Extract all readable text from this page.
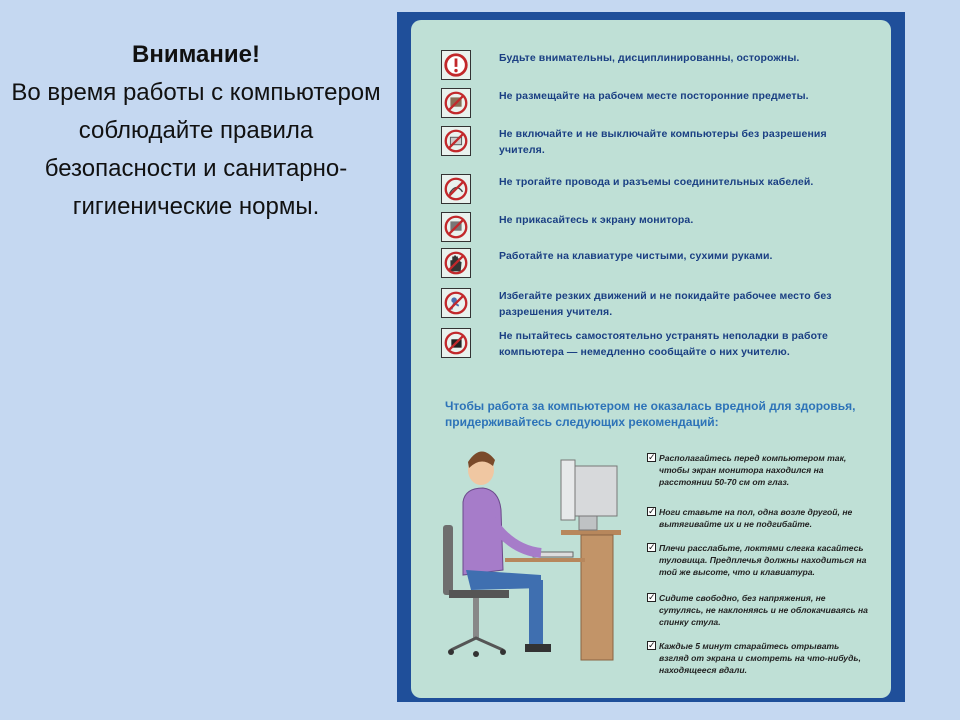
Внимание!
Во время работы с компьютером соблюдайте правила безопасности и санитарно-гигиенические нормы.
Будьте внимательны, дисциплинированны, осторожны.
Не размещайте на рабочем месте посторонние предметы.
Не включайте и не выключайте компьютеры без разрешения учителя.
Не трогайте провода и разъемы соединительных кабелей.
Не прикасайтесь к экрану монитора.
Работайте на клавиатуре чистыми, сухими руками.
Избегайте резких движений и не покидайте рабочее место без разрешения учителя.
Не пытайтесь самостоятельно устранять неполадки в работе компьютера — немедленно сообщайте о них учителю.
Чтобы работа за компьютером не оказалась вредной для здоровья, придерживайтесь следующих рекомендаций:
✓ Располагайтесь перед компьютером так, чтобы экран монитора находился на расстоянии 50-70 см от глаз.
✓ Ноги ставьте на пол, одна возле другой, не вытягивайте их и не подгибайте.
✓ Плечи расслабьте, локтями слегка касайтесь туловища. Предплечья должны находиться на той же высоте, что и клавиатура.
✓ Сидите свободно, без напряжения, не сутулясь, не наклоняясь и не облокачиваясь на спинку стула.
✓ Каждые 5 минут старайтесь отрывать взгляд от экрана и смотреть на что-нибудь, находящееся вдали.
